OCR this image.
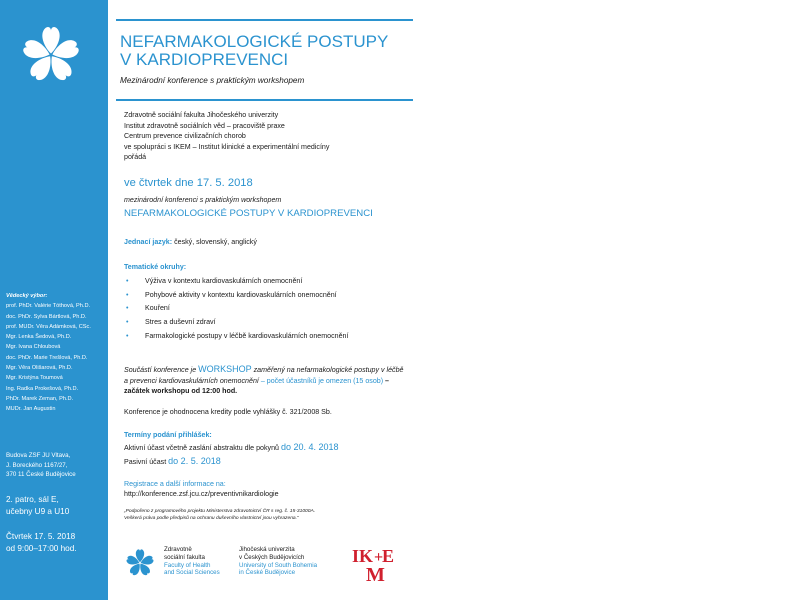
Vědecký výbor:
prof. PhDr. Valérie Tóthová, Ph.D.
doc. PhDr. Sylva Bártlová, Ph.D.
prof. MUDr. Věra Adámková, CSc.
Mgr. Lenka Šedová, Ph.D.
Mgr. Ivana Chloubová
doc. PhDr. Marie Trešlová, Ph.D.
Mgr. Věra Olišarová, Ph.D.
Mgr. Kristýna Toumová
Ing. Radka Prokešová, Ph.D.
PhDr. Marek Zeman, Ph.D.
MUDr. Jan Augustin
Budova ZSF JU Vltava,
J. Boreckého 1167/27,
370 11 České Budějovice
2. patro, sál E,
učebny U9 a U10
Čtvrtek 17. 5. 2018
od 9:00–17:00 hod.
NEFARMAKOLOGICKÉ POSTUPY
V KARDIOPREVENCI
Mezinárodní konference s praktickým workshopem
Zdravotně sociální fakulta Jihočeského univerzity
Institut zdravotně sociálních věd – pracoviště praxe
Centrum prevence civilizačních chorob
ve spolupráci s IKEM – Institut klinické a experimentální medicíny
pořádá
ve čtvrtek dne 17. 5. 2018
mezinárodní konferenci s praktickým workshopem
NEFARMAKOLOGICKÉ POSTUPY V KARDIOPREVENCI
Jednací jazyk: český, slovenský, anglický
Tematické okruhy:
• Výživa v kontextu kardiovaskulárních onemocnění
• Pohybové aktivity v kontextu kardiovaskulárních onemocnění
• Kouření
• Stres a duševní zdraví
• Farmakologické postupy v léčbě kardiovaskulárních onemocnění
Součástí konference je WORKSHOP zaměřený na nefarmakologické postupy v léčbě a prevenci kardiovaskulárních onemocnění – počet účastníků je omezen (15 osob) – začátek workshopu od 12:00 hod.
Konference je ohodnocena kredity podle vyhlášky č. 321/2008 Sb.
Termíny podání přihlášek:
Aktivní účast včetně zaslání abstraktu dle pokynů do 20. 4. 2018
Pasivní účast do 2. 5. 2018
Registrace a další informace na:
http://konference.zsf.jcu.cz/preventivnikardiologie
„Podpořeno z programového projektu Ministerstva zdravotnictví ČR s reg. č. 15-31000A.
Veškerá práva podle předpisů na ochranu duševního vlastnictví jsou vyhrazena."
Zdravotně
sociální fakulta
Faculty of Health
and Social Sciences
Jihočeská univerzita
v Českých Budějovicích
University of South Bohemia
in České Budějovice
IK +
E
M
